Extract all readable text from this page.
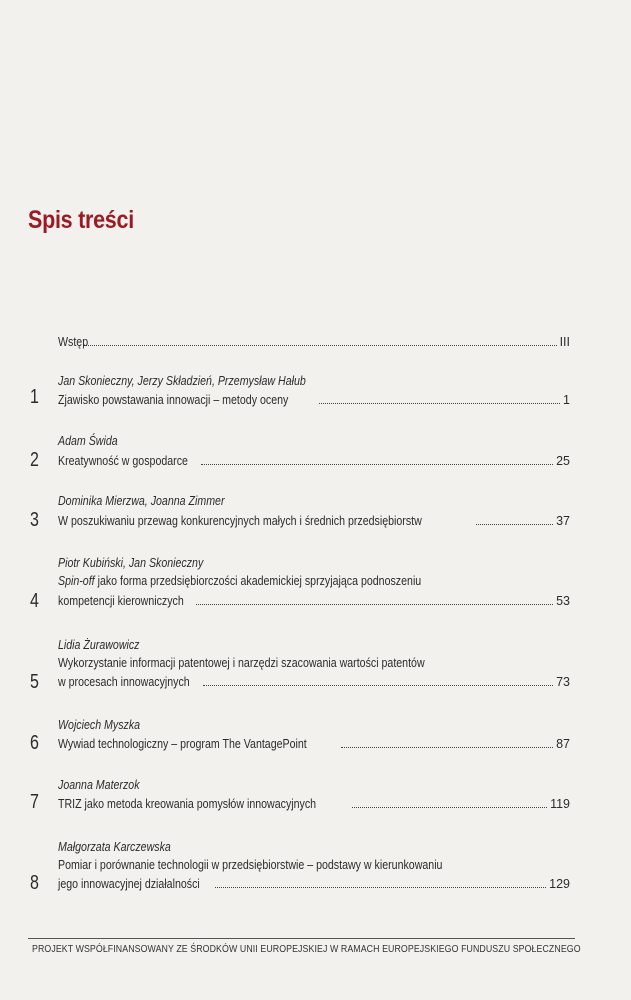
Spis treści
Wstęp	III
Jan Skonieczny, Jerzy Składzień, Przemysław Hałub
1 Zjawisko powstawania innowacji – metody oceny	1
Adam Świda
2 Kreatywność w gospodarce	25
Dominika Mierzwa, Joanna Zimmer
3 W poszukiwaniu przewag konkurencyjnych małych i średnich przedsiębiorstw	37
Piotr Kubiński, Jan Skonieczny
Spin-off jako forma przedsiębiorczości akademickiej sprzyjająca podnoszeniu
4 kompetencji kierowniczych	53
Lidia Żurawowicz
Wykorzystanie informacji patentowej i narzędzi szacowania wartości patentów
5 w procesach innowacyjnych	73
Wojciech Myszka
6 Wywiad technologiczny – program The VantagePoint	87
Joanna Materzok
7 TRIZ jako metoda kreowania pomysłów innowacyjnych	119
Małgorzata Karczewska
Pomiar i porównanie technologii w przedsiębiorstwie – podstawy w kierunkowaniu
8 jego innowacyjnej działalności	129
PROJEKT WSPÓŁFINANSOWANY ZE ŚRODKÓW UNII EUROPEJSKIEJ W RAMACH EUROPEJSKIEGO FUNDUSZU SPOŁECZNEGO
